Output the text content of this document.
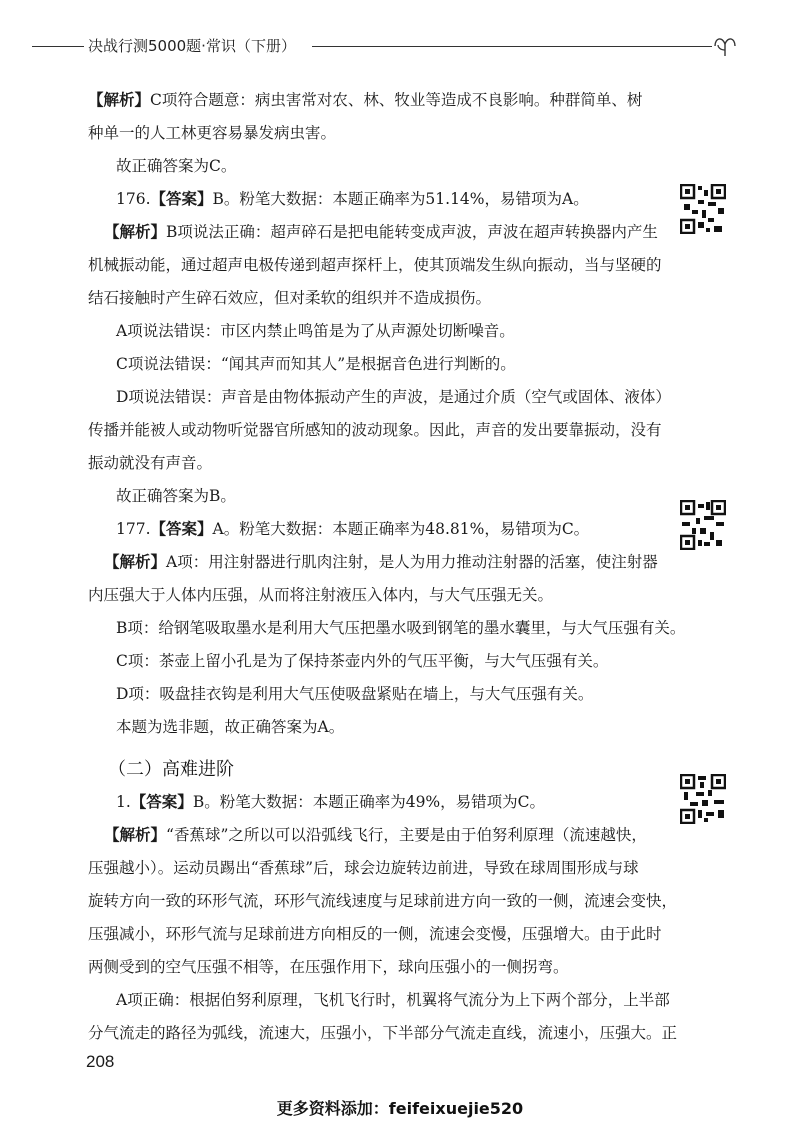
决战行测5000题·常识（下册）
【解析】C项符合题意：病虫害常对农、林、牧业等造成不良影响。种群简单、树
种单一的人工林更容易暴发病虫害。
故正确答案为C。
176.【答案】B。粉笔大数据：本题正确率为51.14%，易错项为A。
【解析】B项说法正确：超声碎石是把电能转变成声波，声波在超声转换器内产生
机械振动能，通过超声电极传递到超声探杆上，使其顶端发生纵向振动，当与坚硬的
结石接触时产生碎石效应，但对柔软的组织并不造成损伤。
A项说法错误：市区内禁止鸣笛是为了从声源处切断噪音。
C项说法错误：“闻其声而知其人”是根据音色进行判断的。
D项说法错误：声音是由物体振动产生的声波，是通过介质（空气或固体、液体）
传播并能被人或动物听觉器官所感知的波动现象。因此，声音的发出要靠振动，没有
振动就没有声音。
故正确答案为B。
177.【答案】A。粉笔大数据：本题正确率为48.81%，易错项为C。
【解析】A项：用注射器进行肌肉注射，是人为用力推动注射器的活塞，使注射器
内压强大于人体内压强，从而将注射液压入体内，与大气压强无关。
B项：给钢笔吸取墨水是利用大气压把墨水吸到钢笔的墨水囊里，与大气压强有关。
C项：茶壶上留小孔是为了保持茶壶内外的气压平衡，与大气压强有关。
D项：吸盘挂衣钩是利用大气压使吸盘紧贴在墙上，与大气压强有关。
本题为选非题，故正确答案为A。
（二）高难进阶
1.【答案】B。粉笔大数据：本题正确率为49%，易错项为C。
【解析】“香蕉球”之所以可以沿弧线飞行，主要是由于伯努利原理（流速越快，
压强越小）。运动员踢出“香蕉球”后，球会边旋转边前进，导致在球周围形成与球
旋转方向一致的环形气流，环形气流线速度与足球前进方向一致的一侧，流速会变快，
压强减小，环形气流与足球前进方向相反的一侧，流速会变慢，压强增大。由于此时
两侧受到的空气压强不相等，在压强作用下，球向压强小的一侧拐弯。
A项正确：根据伯努利原理，飞机飞行时，机翼将气流分为上下两个部分，上半部
分气流走的路径为弧线，流速大，压强小，下半部分气流走直线，流速小，压强大。正
208
更多资料添加：feifeixuejie520
